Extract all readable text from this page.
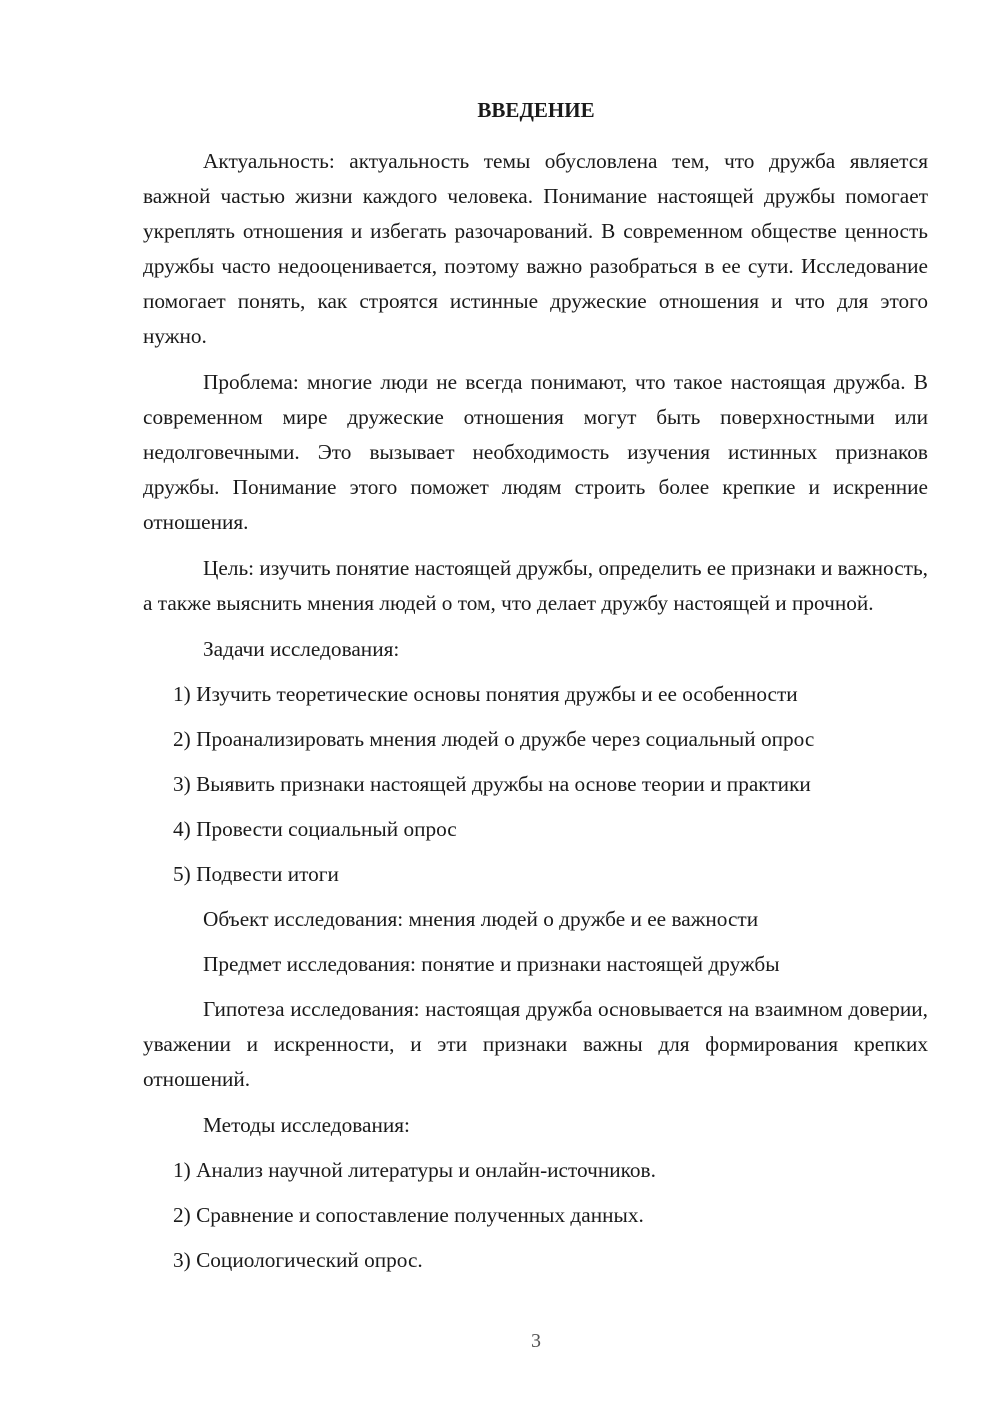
ВВЕДЕНИЕ

Актуальность: актуальность темы обусловлена тем, что дружба является важной частью жизни каждого человека. Понимание настоящей дружбы помогает укреплять отношения и избегать разочарований. В современном обществе ценность дружбы часто недооценивается, поэтому важно разобраться в ее сути. Исследование помогает понять, как строятся истинные дружеские отношения и что для этого нужно.

Проблема: многие люди не всегда понимают, что такое настоящая дружба. В современном мире дружеские отношения могут быть поверхностными или недолговечными. Это вызывает необходимость изучения истинных признаков дружбы. Понимание этого поможет людям строить более крепкие и искренние отношения.

Цель: изучить понятие настоящей дружбы, определить ее признаки и важность, а также выяснить мнения людей о том, что делает дружбу настоящей и прочной.

Задачи исследования:

1) Изучить теоретические основы понятия дружбы и ее особенности

2) Проанализировать мнения людей о дружбе через социальный опрос

3) Выявить признаки настоящей дружбы на основе теории и практики

4) Провести социальный опрос

5) Подвести итоги

Объект исследования: мнения людей о дружбе и ее важности

Предмет исследования: понятие и признаки настоящей дружбы

Гипотеза исследования: настоящая дружба основывается на взаимном доверии, уважении и искренности, и эти признаки важны для формирования крепких отношений.

Методы исследования:

1) Анализ научной литературы и онлайн-источников.

2) Сравнение и сопоставление полученных данных.

3) Социологический опрос.

3
